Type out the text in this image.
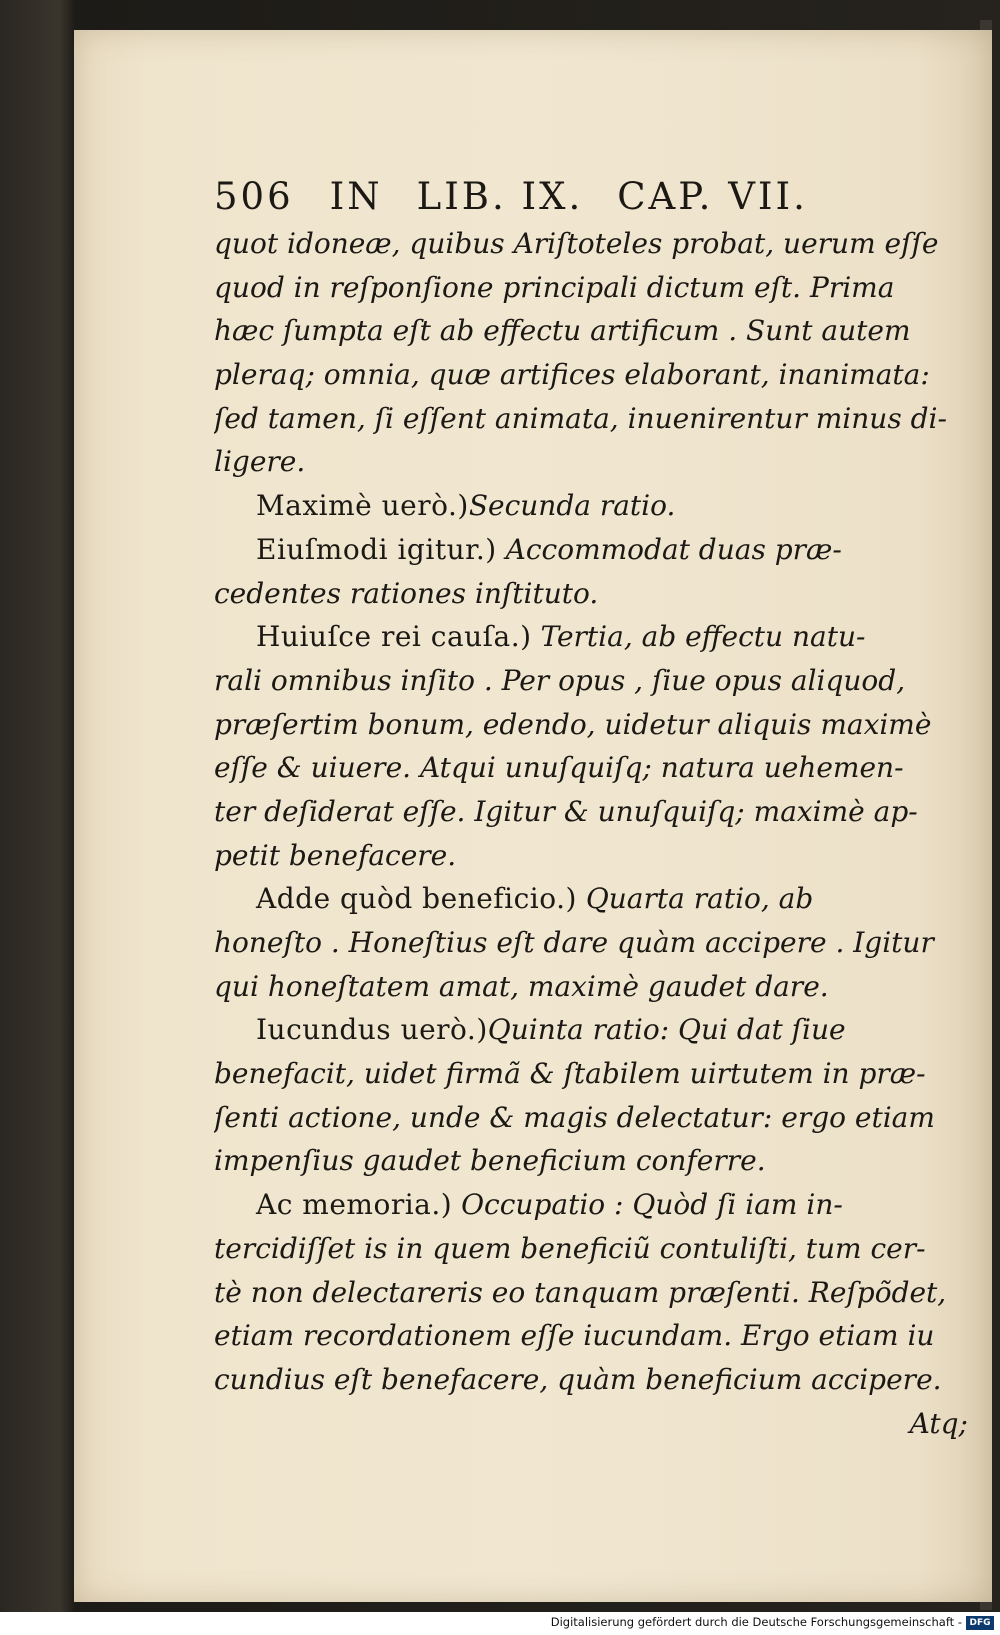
506 IN LIB. IX. CAP. VII.
quot idoneæ, quibus Ariſtoteles probat, uerum eſſe
quod in reſponſione principali dictum eſt. Prima
hæc ſumpta eſt ab effectu artificum . Sunt autem
pleraq; omnia, quæ artifices elaborant, inanimata:
ſed tamen, ſi eſſent animata, inuenirentur minus di-
ligere.
Maximè uerò.)Secunda ratio.
Eiuſmodi igitur.) Accommodat duas præ-
cedentes rationes inſtituto.
Huiuſce rei cauſa.) Tertia, ab effectu natu-
rali omnibus inſito . Per opus , ſiue opus aliquod,
præſertim bonum, edendo, uidetur aliquis maximè
eſſe & uiuere. Atqui unuſquiſq; natura uehemen-
ter deſiderat eſſe. Igitur & unuſquiſq; maximè ap-
petit benefacere.
Adde quòd beneficio.) Quarta ratio, ab
honeſto . Honeſtius eſt dare quàm accipere . Igitur
qui honeſtatem amat, maximè gaudet dare.
Iucundus uerò.)Quinta ratio: Qui dat ſiue
benefacit, uidet firmã & ſtabilem uirtutem in præ-
ſenti actione, unde & magis delectatur: ergo etiam
impenſius gaudet beneficium conferre.
Ac memoria.) Occupatio : Quòd ſi iam in-
tercidiſſet is in quem beneficiũ contuliſti, tum cer-
tè non delectareris eo tanquam præſenti. Reſpõdet,
etiam recordationem eſſe iucundam. Ergo etiam iu
cundius eſt benefacere, quàm beneficium accipere.
Atq;
Digitalisierung gefördert durch die Deutsche Forschungsgemeinschaft - DFG
